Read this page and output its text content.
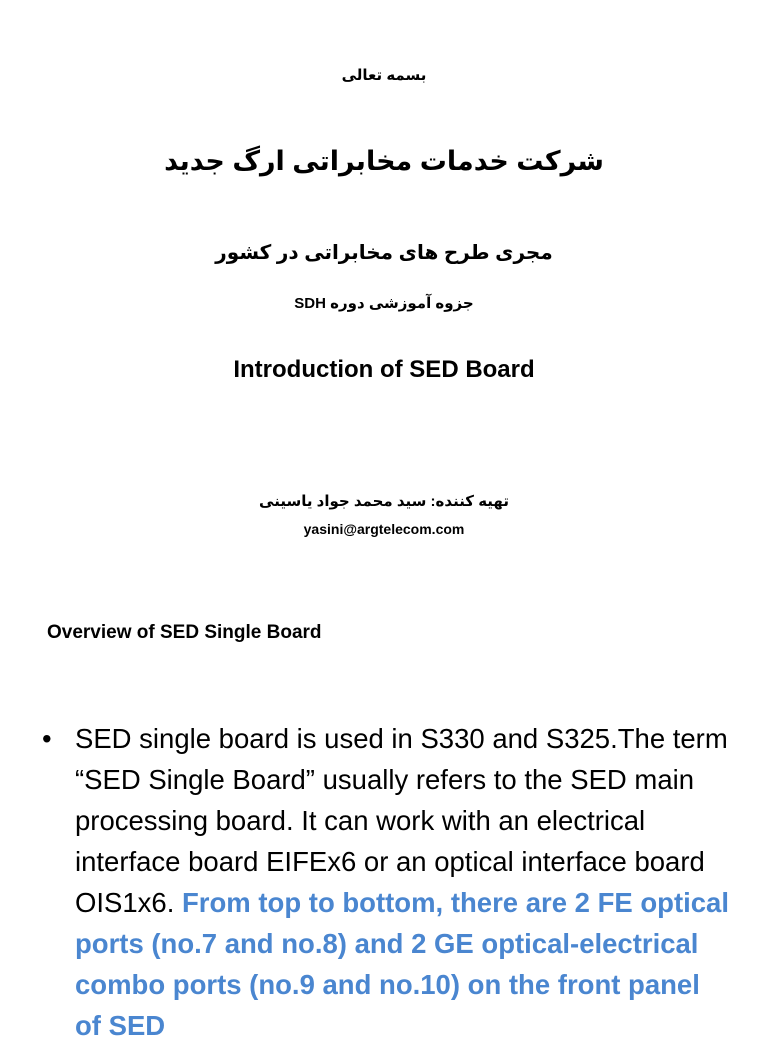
بسمه تعالی
شرکت خدمات مخابراتی ارگ جدید
مجری طرح های مخابراتی در کشور
جزوه آموزشی دوره SDH
Introduction of SED Board
تهیه کننده: سید محمد جواد یاسینی
yasini@argtelecom.com
Overview of SED Single Board
• SED single board is used in S330 and S325.The term “SED Single Board” usually refers to the SED main processing board. It can work with an electrical interface board EIFEx6 or an optical interface board OIS1x6. From top to bottom, there are 2 FE optical ports (no.7 and no.8) and 2 GE optical-electrical combo ports (no.9 and no.10) on the front panel of SED
